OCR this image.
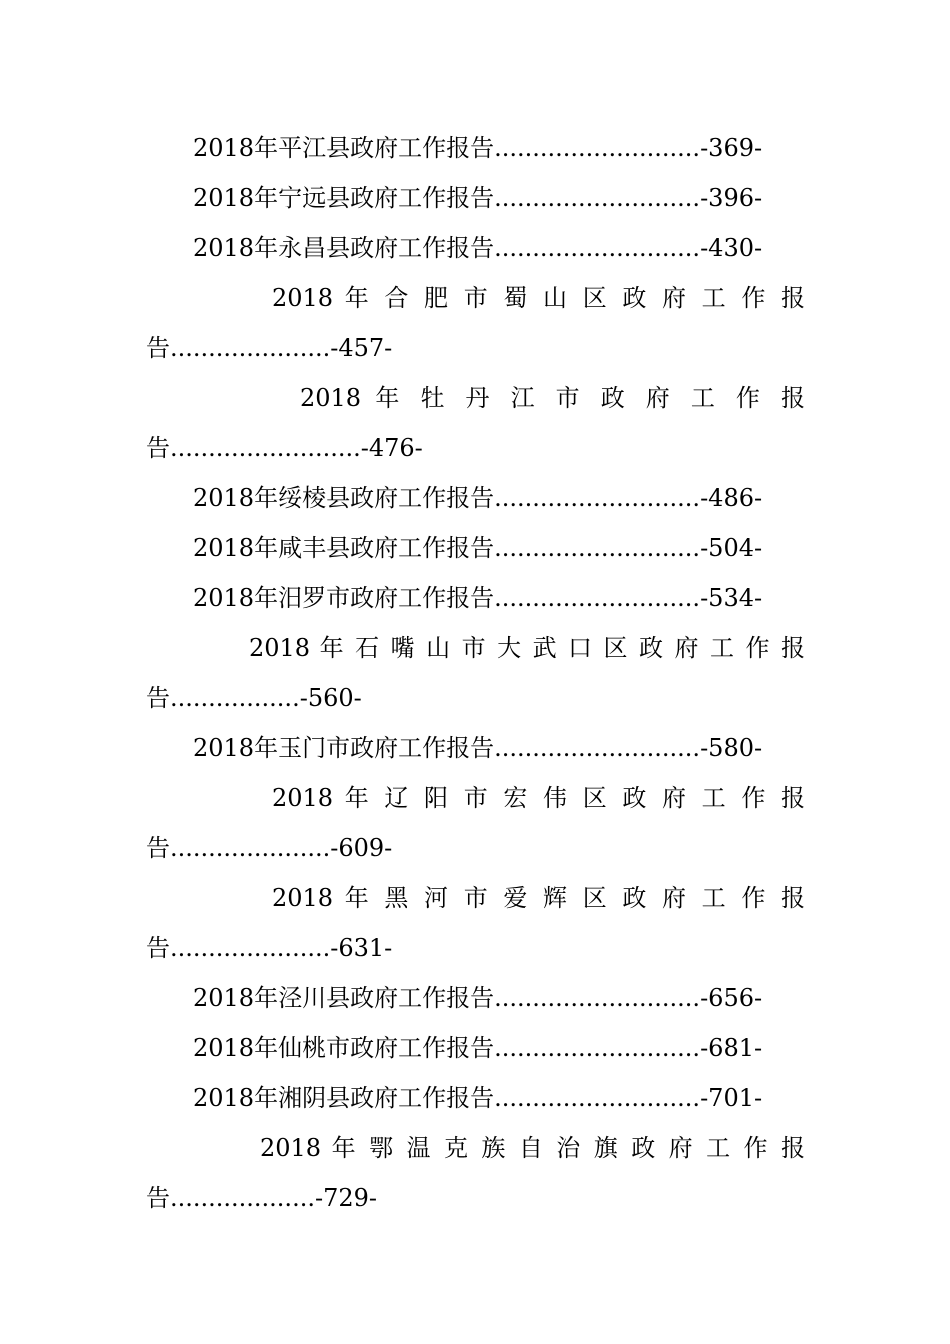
2018年平江县政府工作报告...........................-369-
2018年宁远县政府工作报告...........................-396-
2018年永昌县政府工作报告...........................-430-
2018 年 合 肥 市 蜀 山 区 政 府 工 作 报
告.....................-457-
2018 年 牡 丹 江 市 政 府 工 作 报
告.........................-476-
2018年绥棱县政府工作报告...........................-486-
2018年咸丰县政府工作报告...........................-504-
2018年汨罗市政府工作报告...........................-534-
2018 年 石 嘴 山 市 大 武 口 区 政 府 工 作 报
告.................-560-
2018年玉门市政府工作报告...........................-580-
2018 年 辽 阳 市 宏 伟 区 政 府 工 作 报
告.....................-609-
2018 年 黑 河 市 爱 辉 区 政 府 工 作 报
告.....................-631-
2018年泾川县政府工作报告...........................-656-
2018年仙桃市政府工作报告...........................-681-
2018年湘阴县政府工作报告...........................-701-
2018 年 鄂 温 克 族 自 治 旗 政 府 工 作 报
告...................-729-
